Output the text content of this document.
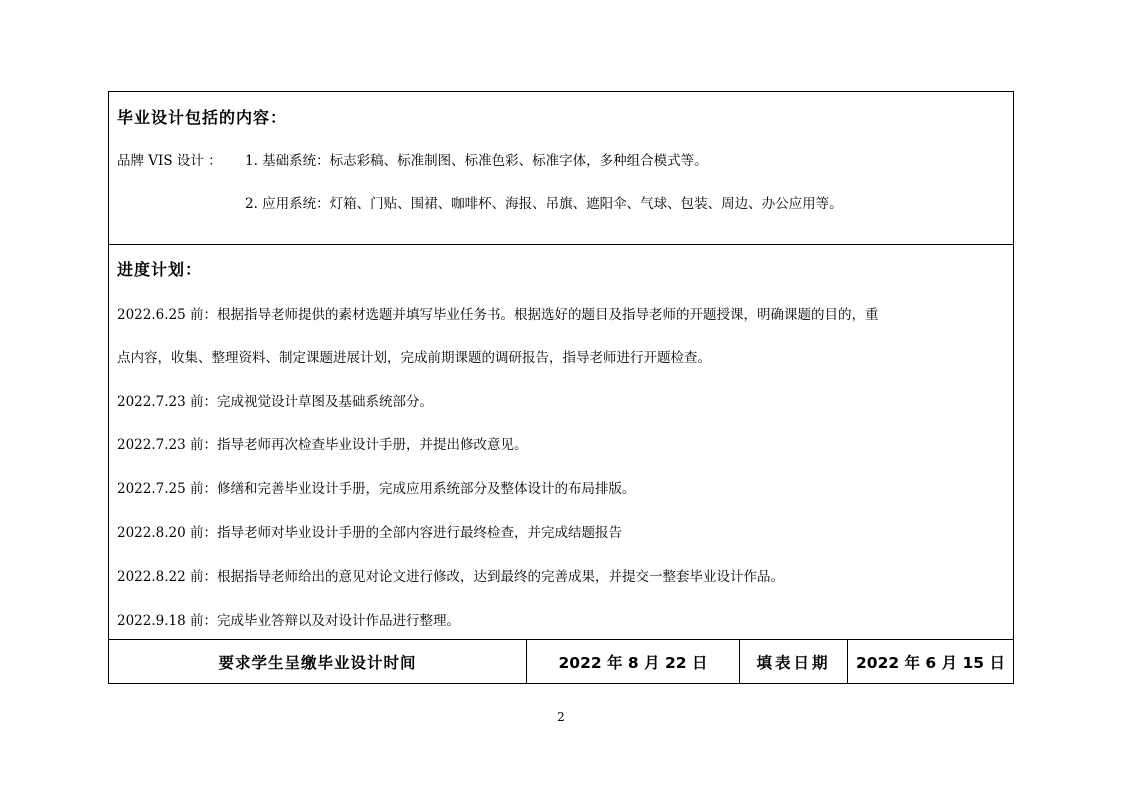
毕业设计包括的内容：
品牌 VIS 设计 ： 1. 基础系统：标志彩稿、标准制图、标准色彩、标准字体，多种组合模式等。
2. 应用系统：灯箱、门贴、围裙、咖啡杯、海报、吊旗、遮阳伞、气球、包装、周边、办公应用等。
进度计划：
2022.6.25 前：根据指导老师提供的素材选题并填写毕业任务书。根据选好的题目及指导老师的开题授课，明确课题的目的，重
点内容，收集、整理资料、制定课题进展计划，完成前期课题的调研报告，指导老师进行开题检查。
2022.7.23 前：完成视觉设计草图及基础系统部分。
2022.7.23 前：指导老师再次检查毕业设计手册，并提出修改意见。
2022.7.25 前：修缮和完善毕业设计手册，完成应用系统部分及整体设计的布局排版。
2022.8.20 前：指导老师对毕业设计手册的全部内容进行最终检查，并完成结题报告
2022.8.22 前：根据指导老师给出的意见对论文进行修改，达到最终的完善成果，并提交一整套毕业设计作品。
2022.9.18 前：完成毕业答辩以及对设计作品进行整理。
要求学生呈缴毕业设计时间	2022 年 8 月 22 日	填表日期	2022 年 6 月 15 日
2
